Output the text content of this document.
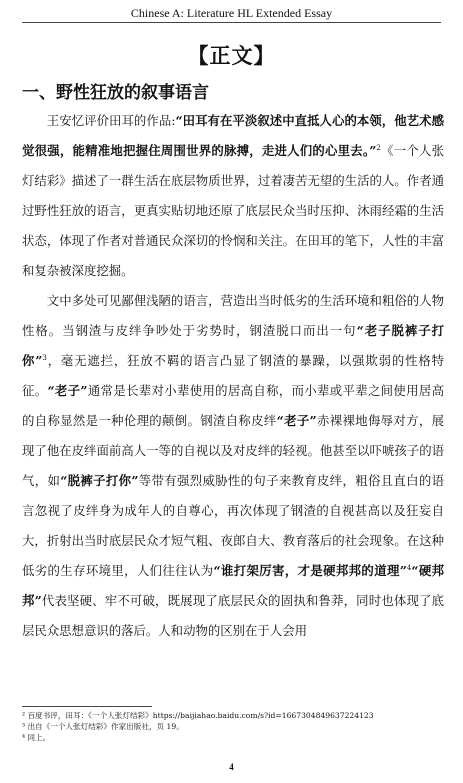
Chinese A: Literature HL Extended Essay
【正文】
一、野性狂放的叙事语言

王安忆评价田耳的作品:“田耳有在平淡叙述中直抵人心的本领，他艺术感觉很强，能精准地把握住周围世界的脉搏，走进人们的心里去。”$^2$《一个人张灯结彩》描述了一群生活在底层物质世界，过着凄苦无望的生活的人。作者通过野性狂放的语言，更真实贴切地还原了底层民众当时压抑、沐雨经霜的生活状态，体现了作者对普通民众深切的怜悯和关注。在田耳的笔下，人性的丰富和复杂被深度挖掘。

文中多处可见鄙俚浅陋的语言，营造出当时低劣的生活环境和粗俗的人物性格。当钢渣与皮绊争吵处于劣势时，钢渣脱口而出一句“老子脱裤子打你”$^3$，毫无遮拦，狂放不羁的语言凸显了钢渣的暴躁，以强欺弱的性格特征。“老子”通常是长辈对小辈使用的居高自称，而小辈或平辈之间使用居高的自称显然是一种伦理的颠倒。钢渣自称皮绊“老子”赤裸裸地侮辱对方，展现了他在皮绊面前高人一等的自视以及对皮绊的轻视。他甚至以吓唬孩子的语气，如“脱裤子打你”等带有强烈威胁性的句子来教育皮绊，粗俗且直白的语言忽视了皮绊身为成年人的自尊心，再次体现了钢渣的自视甚高以及狂妄自大，折射出当时底层民众才短气粗、夜郎自大、教育落后的社会现象。在这种低劣的生存环境里，人们往往认为“谁打架厉害，才是硬邦邦的道理”$^4$“硬邦邦”代表坚硬、牢不可破，既展现了底层民众的固执和鲁莽，同时也体现了底层民众思想意识的落后。人和动物的区别在于人会用

² 百度书评，田耳：《一个人张灯结彩》https://baijiahao.baidu.com/s?id=1667304849637224123
³ 出自《一个人张灯结彩》作家出版社，页 19。
⁴ 同上。
4
